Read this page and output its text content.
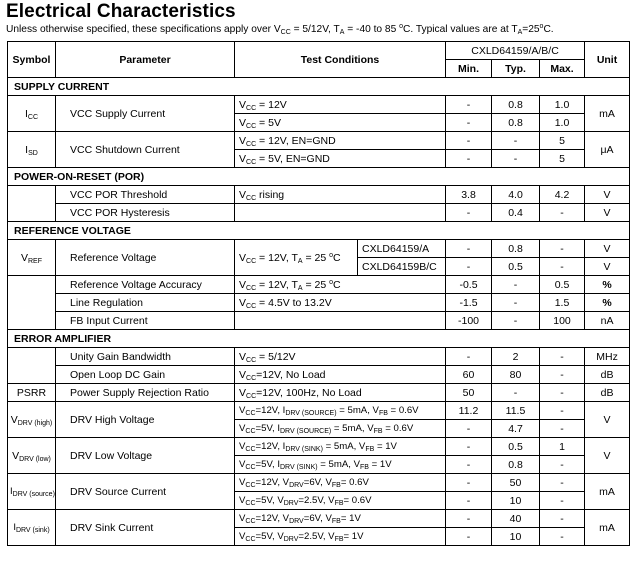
Electrical Characteristics
Unless otherwise specified, these specifications apply over $V_{CC} = 5/12V$, $T_A = -40$ to 85 $^o$C. Typical values are at $T_A=25^oC$.
Symbol	Parameter	Test Conditions		CXLD64159/A/B/C			Unit
				Min.	Typ.	Max.	
SUPPLY CURRENT							
$I_{CC}$	VCC Supply Current	$V_{CC} = 12V$		-	0.8	1.0	mA
		$V_{CC} = 5V$		-	0.8	1.0	
$I_{SD}$	VCC Shutdown Current	$V_{CC} = 12V$, EN=GND		-	-	5	μA
		$V_{CC} = 5V$, EN=GND		-	-	5	
POWER-ON-RESET (POR)							
	VCC POR Threshold	$V_{CC}$ rising		3.8	4.0	4.2	V
	VCC POR Hysteresis			-	0.4	-	V
REFERENCE VOLTAGE							
$V_{REF}$	Reference Voltage	$V_{CC} = 12V$, $T_A = 25$ $^o$C	CXLD64159/A	-	0.8	-	V
			CXLD64159B/C	-	0.5	-	V
	Reference Voltage Accuracy	$V_{CC} = 12V$, $T_A = 25$ $^o$C		-0.5	-	0.5	%
	Line Regulation	$V_{CC} = 4.5V$ to 13.2V		-1.5	-	1.5	%
	FB Input Current			-100	-	100	nA
ERROR AMPLIFIER							
	Unity Gain Bandwidth	$V_{CC} = 5/12V$		-	2	-	MHz
	Open Loop DC Gain	$V_{CC}=12V$, No Load		60	80	-	dB
PSRR	Power Supply Rejection Ratio	$V_{CC}=12V$, 100Hz, No Load		50	-	-	dB
$V_{DRV (high)}$	DRV High Voltage	$V_{CC}=12V$, $I_{DRV (SOURCE)} = 5mA$, $V_{FB} = 0.6V$		11.2	11.5	-	V
		$V_{CC}=5V$, $I_{DRV (SOURCE)} = 5mA$, $V_{FB} = 0.6V$		-	4.7	-	
$V_{DRV (low)}$	DRV Low Voltage	$V_{CC}=12V$, $I_{DRV (SINK)} = 5mA$, $V_{FB} = 1V$		-	0.5	1	V
		$V_{CC}=5V$, $I_{DRV (SINK)} = 5mA$, $V_{FB} = 1V$		-	0.8	-	
$I_{DRV (source)}$	DRV Source Current	$V_{CC}=12V$, $V_{DRV}=6V$, $V_{FB}= 0.6V$		-	50	-	mA
		$V_{CC}=5V$, $V_{DRV}=2.5V$, $V_{FB}= 0.6V$		-	10	-	
$I_{DRV (sink)}$	DRV Sink Current	$V_{CC}=12V$, $V_{DRV}=6V$, $V_{FB}= 1V$		-	40	-	mA
		$V_{CC}=5V$, $V_{DRV}=2.5V$, $V_{FB}= 1V$		-	10	-	
